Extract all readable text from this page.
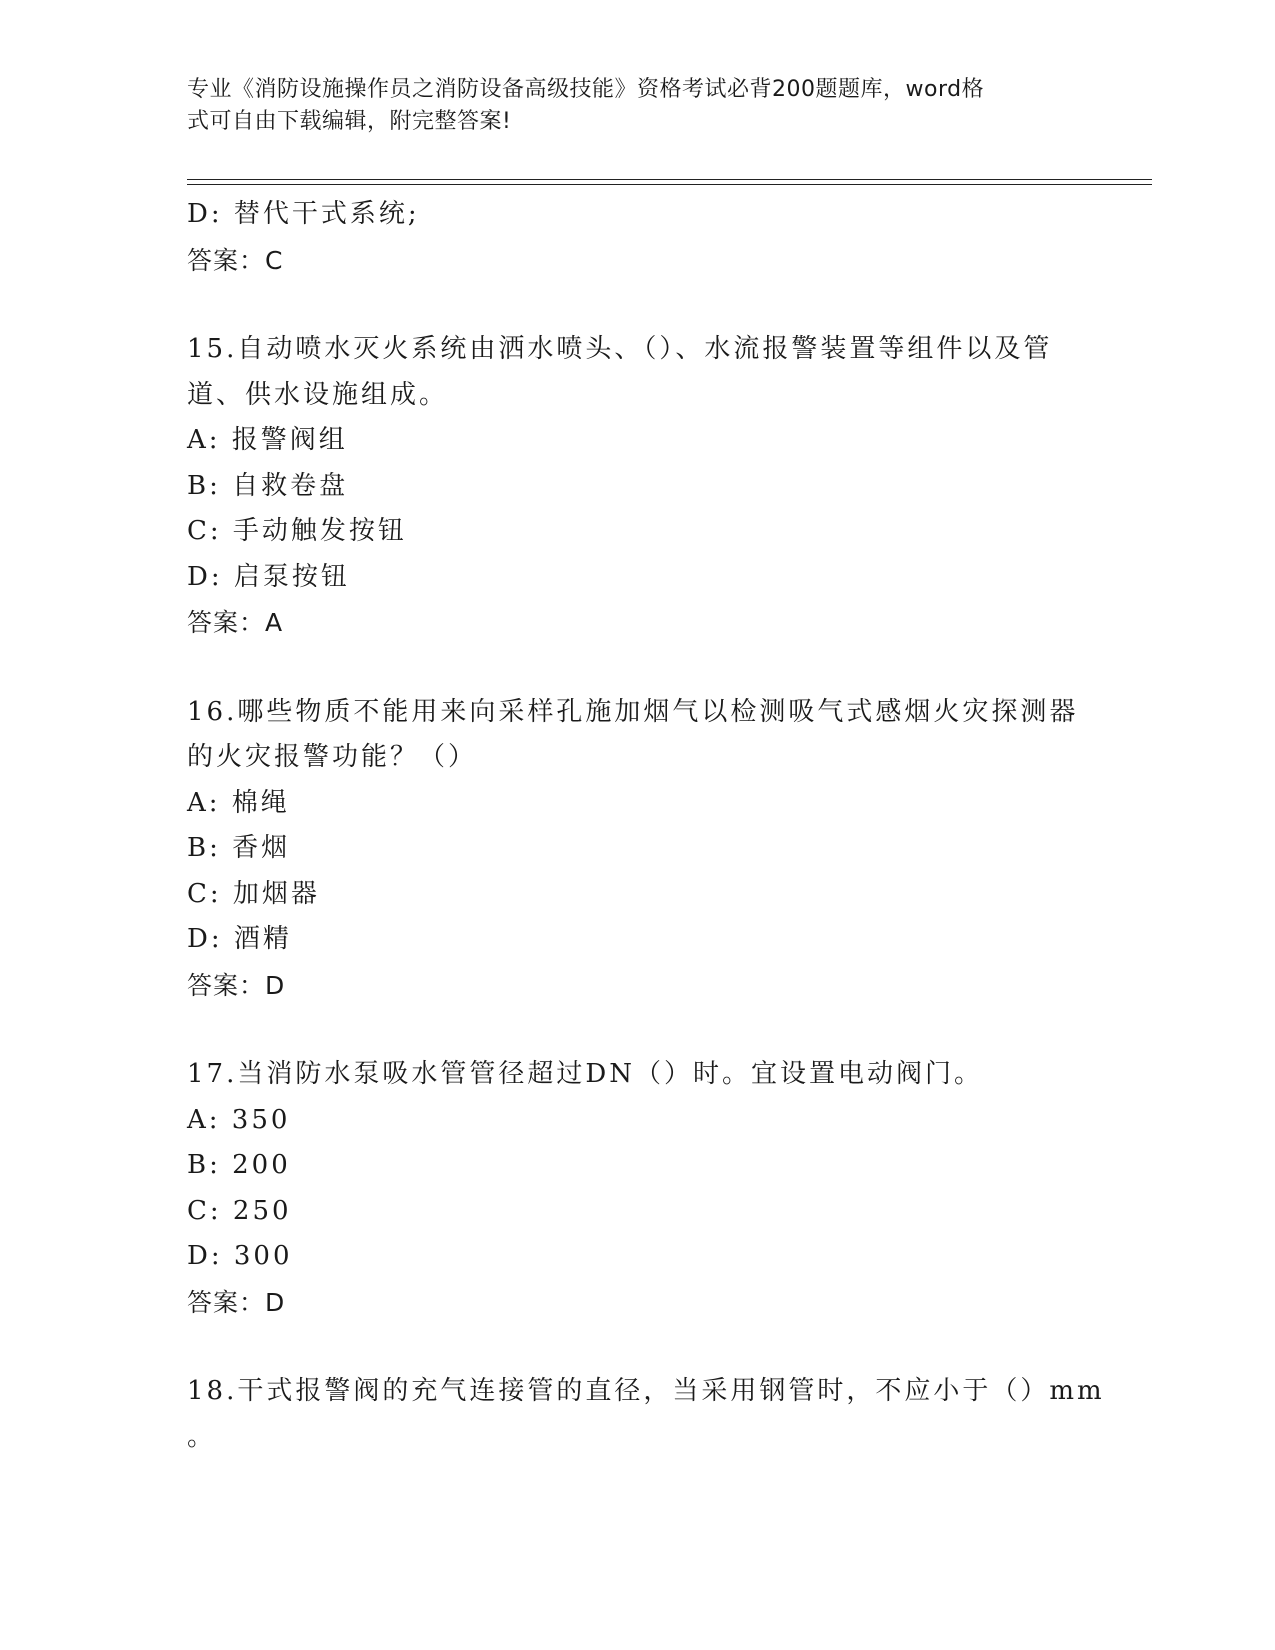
专业《消防设施操作员之消防设备高级技能》资格考试必背200题题库，word格
式可自由下载编辑，附完整答案!
D: 替代干式系统;
答案：C
15.自动喷水灭火系统由洒水喷头、（）、水流报警装置等组件以及管
道、供水设施组成。
A: 报警阀组
B: 自救卷盘
C: 手动触发按钮
D: 启泵按钮
答案：A
16.哪些物质不能用来向采样孔施加烟气以检测吸气式感烟火灾探测器
的火灾报警功能？（）
A: 棉绳
B: 香烟
C: 加烟器
D: 酒精
答案：D
17.当消防水泵吸水管管径超过DN（）时。宜设置电动阀门。
A: 350
B: 200
C: 250
D: 300
答案：D
18.干式报警阀的充气连接管的直径，当采用钢管时，不应小于（）mm
。
